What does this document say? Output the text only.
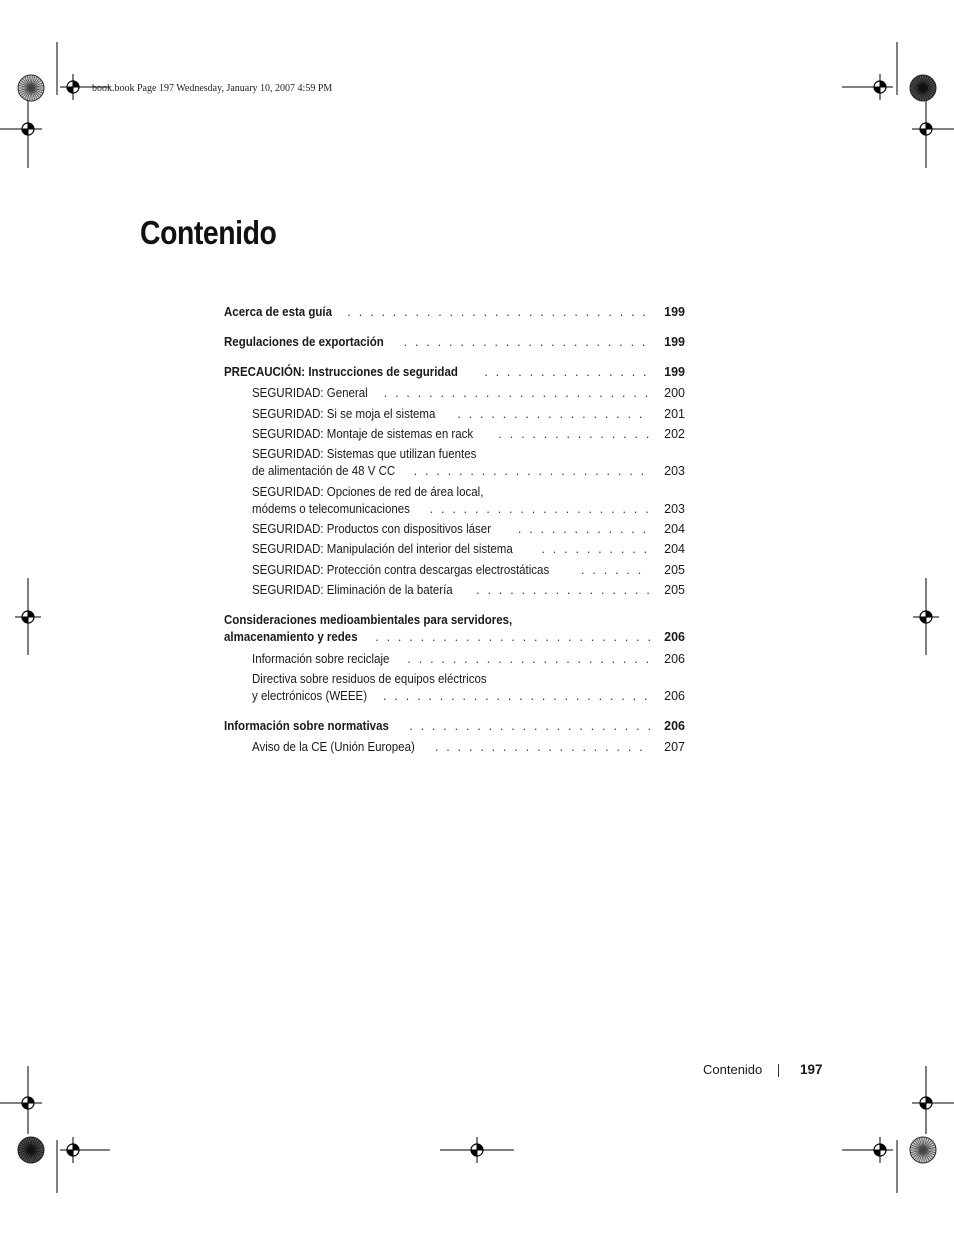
book.book Page 197 Wednesday, January 10, 2007 4:59 PM
Contenido
Acerca de esta guía . . .	199
Regulaciones de exportación . . .	199
PRECAUCIÓN: Instrucciones de seguridad . . .	199
SEGURIDAD: General . . .	200
SEGURIDAD: Si se moja el sistema . . .	201
SEGURIDAD: Montaje de sistemas en rack . . .	202
SEGURIDAD: Sistemas que utilizan fuentes
de alimentación de 48 V CC . . .	203
SEGURIDAD: Opciones de red de área local,
módems o telecomunicaciones . . .	203
SEGURIDAD: Productos con dispositivos láser . . .	204
SEGURIDAD: Manipulación del interior del sistema . . .	204
SEGURIDAD: Protección contra descargas electrostáticas . . .	205
SEGURIDAD: Eliminación de la batería . . .	205
Consideraciones medioambientales para servidores,
almacenamiento y redes . . .	206
Información sobre reciclaje . . .	206
Directiva sobre residuos de equipos eléctricos
y electrónicos (WEEE) . . .	206
Información sobre normativas . . .	206
Aviso de la CE (Unión Europea) . . .	207
Contenido	197
